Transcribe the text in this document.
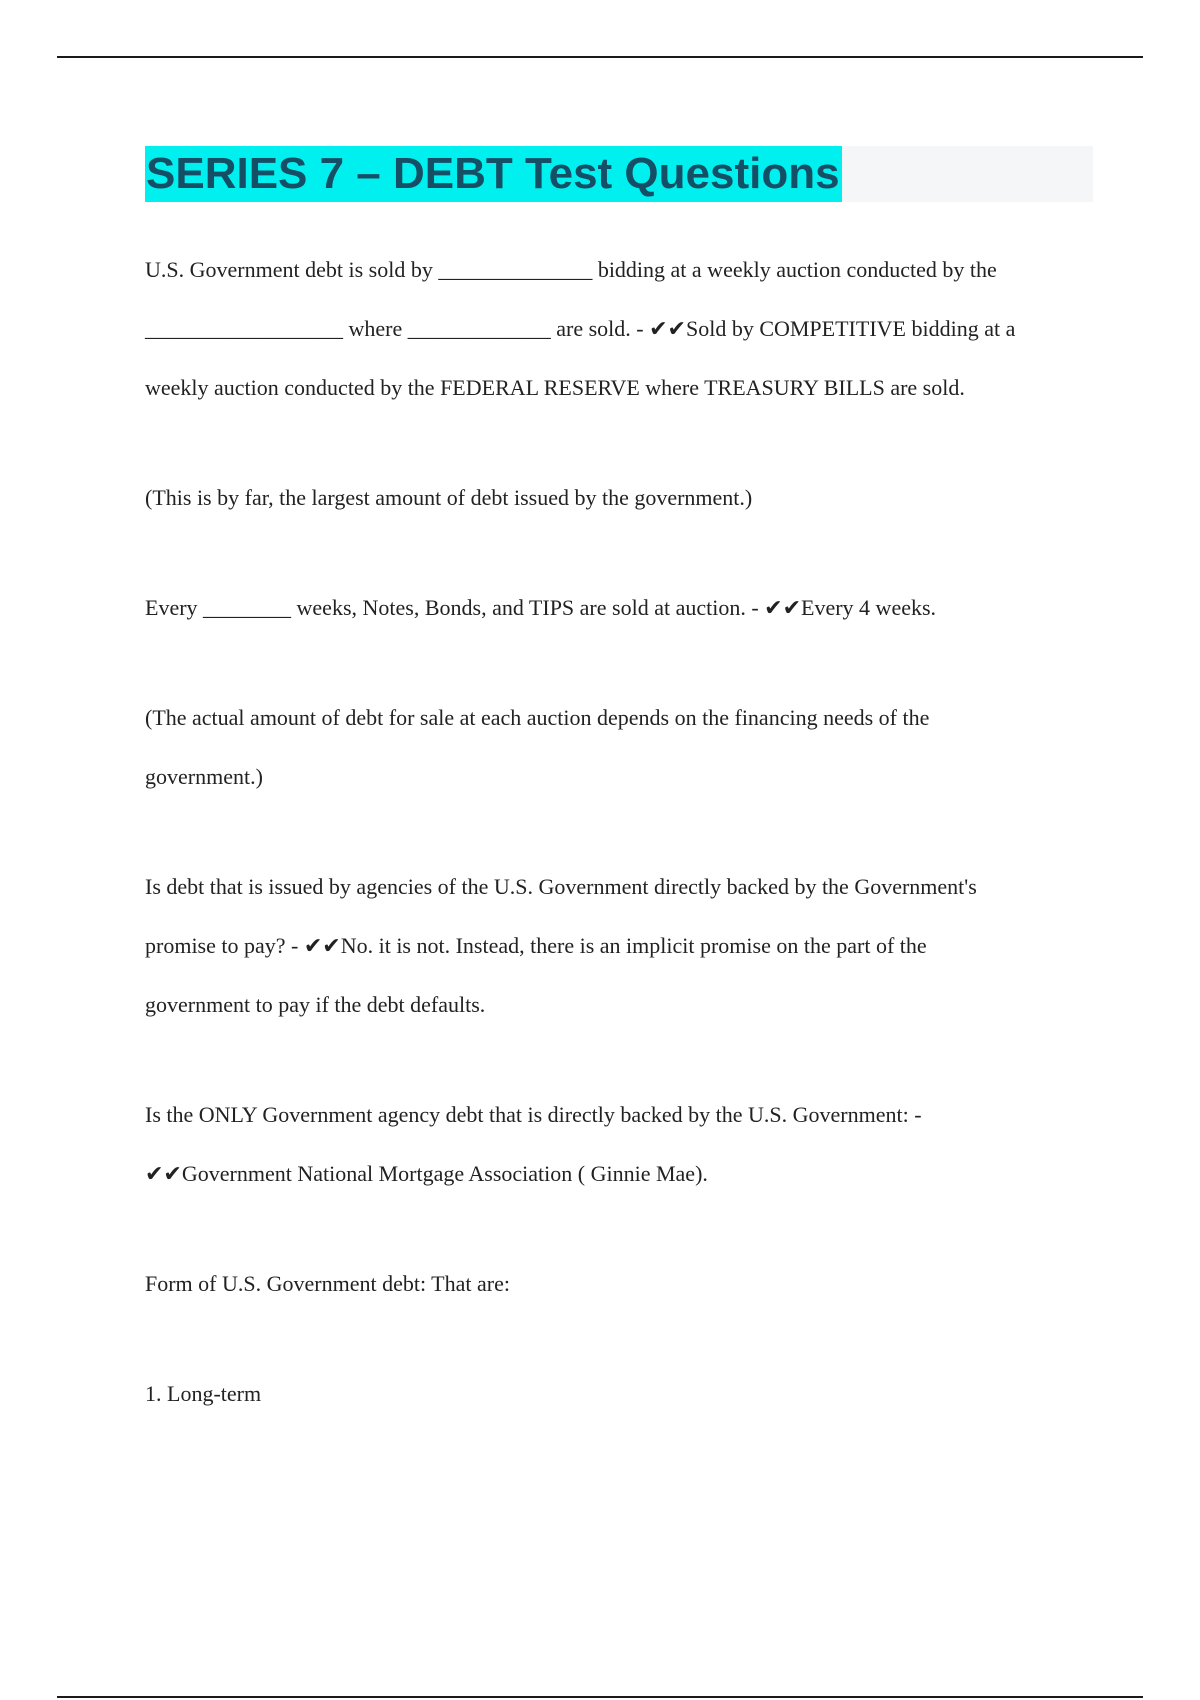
SERIES 7 – DEBT Test Questions

U.S. Government debt is sold by ______________ bidding at a weekly auction conducted by the
__________________ where _____________ are sold. - ✔✔Sold by COMPETITIVE bidding at a
weekly auction conducted by the FEDERAL RESERVE where TREASURY BILLS are sold.

(This is by far, the largest amount of debt issued by the government.)

Every ________ weeks, Notes, Bonds, and TIPS are sold at auction. - ✔✔Every 4 weeks.

(The actual amount of debt for sale at each auction depends on the financing needs of the
government.)

Is debt that is issued by agencies of the U.S. Government directly backed by the Government's
promise to pay? - ✔✔No. it is not. Instead, there is an implicit promise on the part of the
government to pay if the debt defaults.

Is the ONLY Government agency debt that is directly backed by the U.S. Government: -
✔✔Government National Mortgage Association ( Ginnie Mae).

Form of U.S. Government debt: That are:

1. Long-term
